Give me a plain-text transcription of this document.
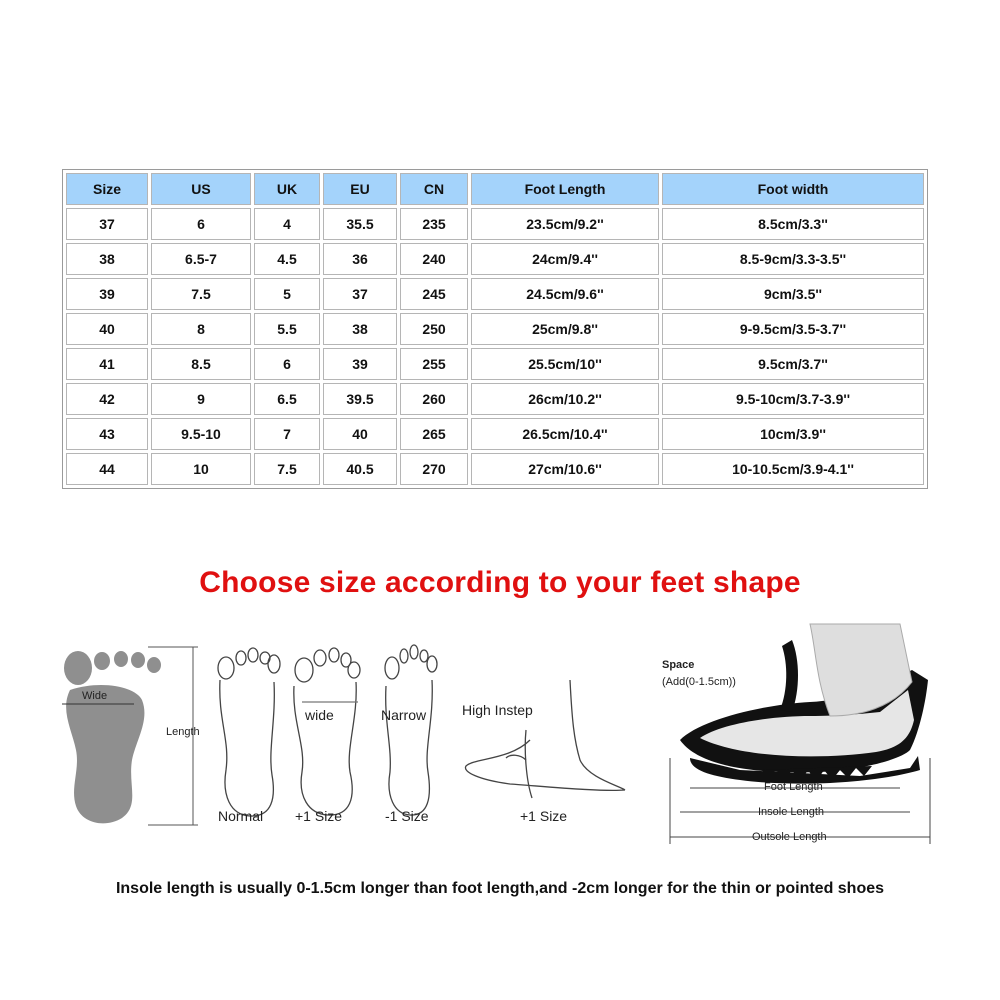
Size	US	UK	EU	CN	Foot Length	Foot width
37	6	4	35.5	235	23.5cm/9.2''	8.5cm/3.3''
38	6.5-7	4.5	36	240	24cm/9.4''	8.5-9cm/3.3-3.5''
39	7.5	5	37	245	24.5cm/9.6''	9cm/3.5''
40	8	5.5	38	250	25cm/9.8''	9-9.5cm/3.5-3.7''
41	8.5	6	39	255	25.5cm/10''	9.5cm/3.7''
42	9	6.5	39.5	260	26cm/10.2''	9.5-10cm/3.7-3.9''
43	9.5-10	7	40	265	26.5cm/10.4''	10cm/3.9''
44	10	7.5	40.5	270	27cm/10.6''	10-10.5cm/3.9-4.1''
Choose size according to your feet shape
Wide
Length
wide	Narrow	High Instep
Normal +1 Size	-1 Size	+1 Size
Space
(Add(0-1.5cm))
Foot Length
Insole Length
Outsole Length
Insole length is usually 0-1.5cm longer than foot length,and -2cm longer for the thin or pointed shoes
